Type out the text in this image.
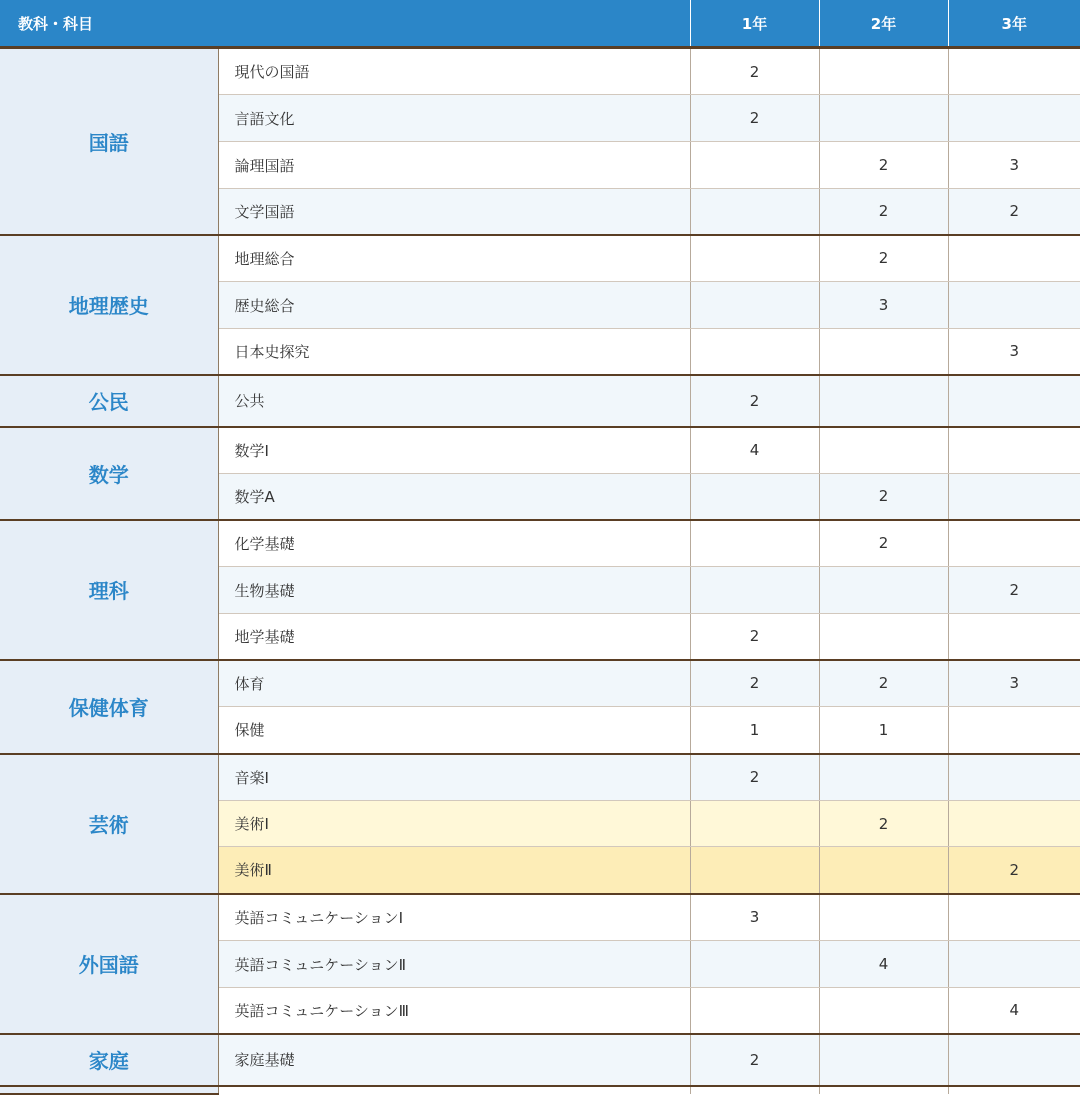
教科・科目		1年	2年	3年
国語	現代の国語	2		
	言語文化	2		
	論理国語		2	3
	文学国語		2	2
地理歴史	地理総合		2	
	歴史総合		3	
	日本史探究			3
公民	公共	2		
数学	数学Ⅰ	4		
	数学A		2	
理科	化学基礎		2	
	生物基礎			2
	地学基礎	2		
保健体育	体育	2	2	3
	保健	1	1	
芸術	音楽Ⅰ	2		
	美術Ⅰ		2	
	美術Ⅱ			2
外国語	英語コミュニケーションⅠ	3		
	英語コミュニケーションⅡ		4	
	英語コミュニケーションⅢ			4
家庭	家庭基礎	2		
